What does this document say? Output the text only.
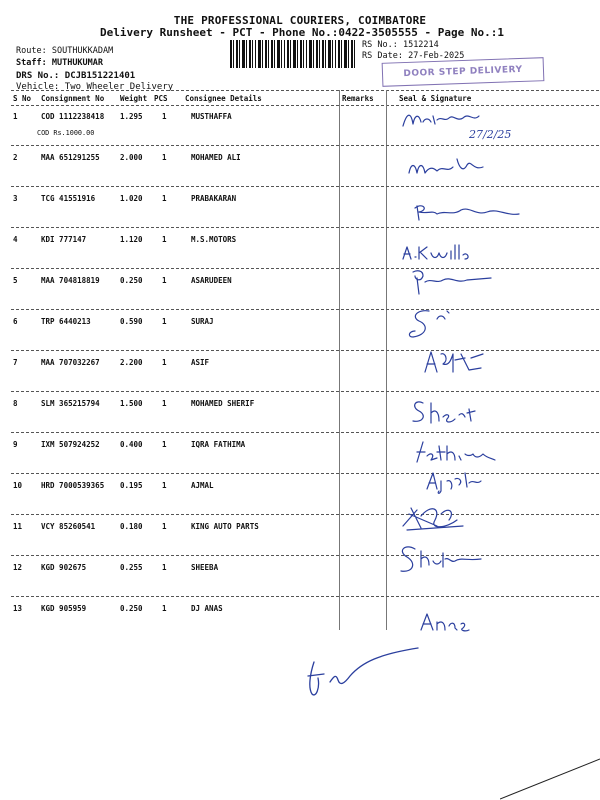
THE PROFESSIONAL COURIERS, COIMBATORE
Delivery Runsheet - PCT - Phone No.:0422-3505555 - Page No.:1
Route: SOUTHUKKADAM
Staff: MUTHUKUMAR
DRS No.: DCJB151221401
Vehicle: Two Wheeler Delivery
RS No.: 1512214
RS Date: 27-Feb-2025
DOOR STEP DELIVERY
S No Consignment No Weight PCS Consignee Details	Remarks	Seal & Signature
1	COD 1112238418 1.295	1	MUSTHAFFA
COD Rs.1000.00	27/2/25
2	MAA 651291255	2.000	1	MOHAMED ALI
3	TCG 41551916	1.020	1	PRABAKARAN
4	KDI 777147	1.120	1	M.S.MOTORS
5	MAA 704818819	0.250	1	ASARUDEEN
6	TRP 6440213	0.590	1	SURAJ
7	MAA 707032267	2.200	1	ASIF
8	SLM 365215794	1.500	1	MOHAMED SHERIF
9	IXM 507924252	0.400	1	IQRA FATHIMA
10	HRD 7000539365 0.195	1	AJMAL
11	VCY 85260541	0.180	1	KING AUTO PARTS
12	KGD 902675	0.255	1	SHEEBA
13	KGD 905959	0.250	1	DJ ANAS
